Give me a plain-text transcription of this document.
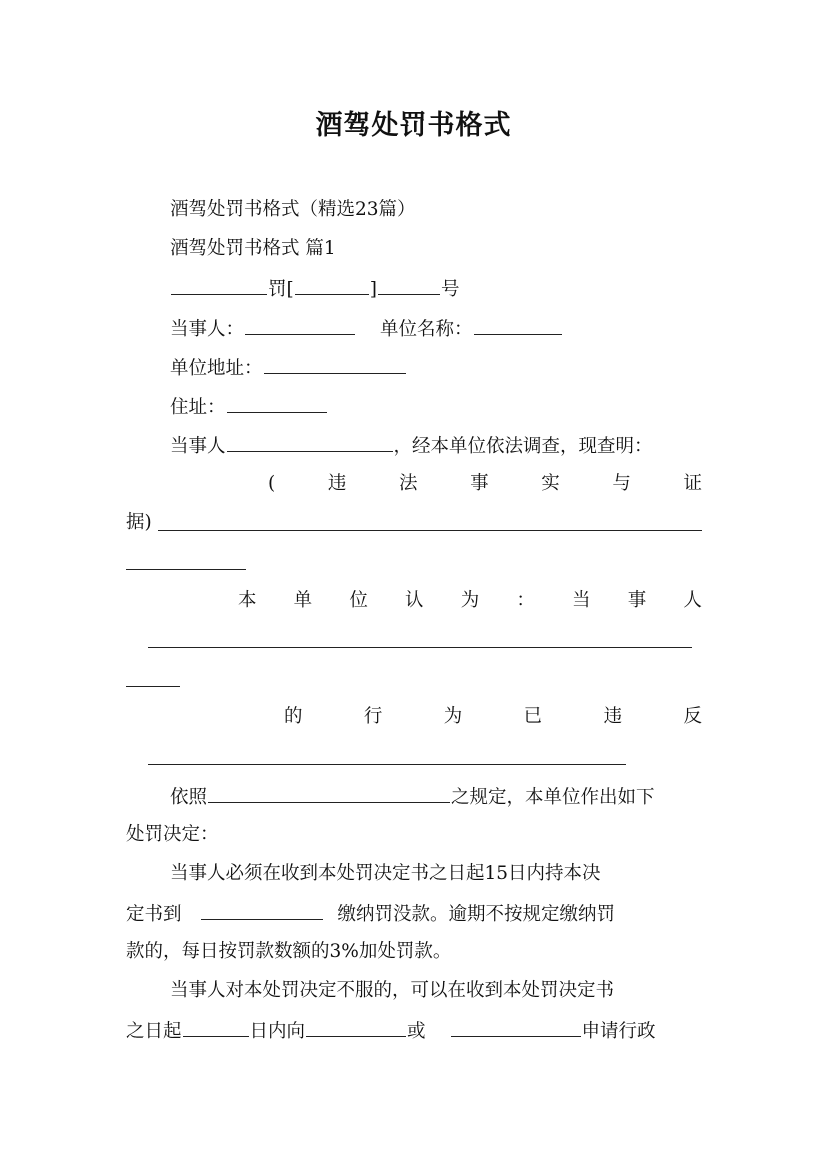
酒驾处罚书格式
酒驾处罚书格式（精选23篇）
酒驾处罚书格式 篇1
罚[	]	号
当事人：	单位名称：
单位地址：
住址：
当事人	，经本单位依法调查，现查明：
(	违	法	事	实	与	证
据)
本 单 位 认 为 ： 当 事 人
的	行	为	已	违	反
依照	之规定，本单位作出如下
处罚决定：
当事人必须在收到本处罚决定书之日起15日内持本决
定书到	缴纳罚没款。逾期不按规定缴纳罚
款的，每日按罚款数额的3%加处罚款。
当事人对本处罚决定不服的，可以在收到本处罚决定书
之日起	日内向	或	申请行政
